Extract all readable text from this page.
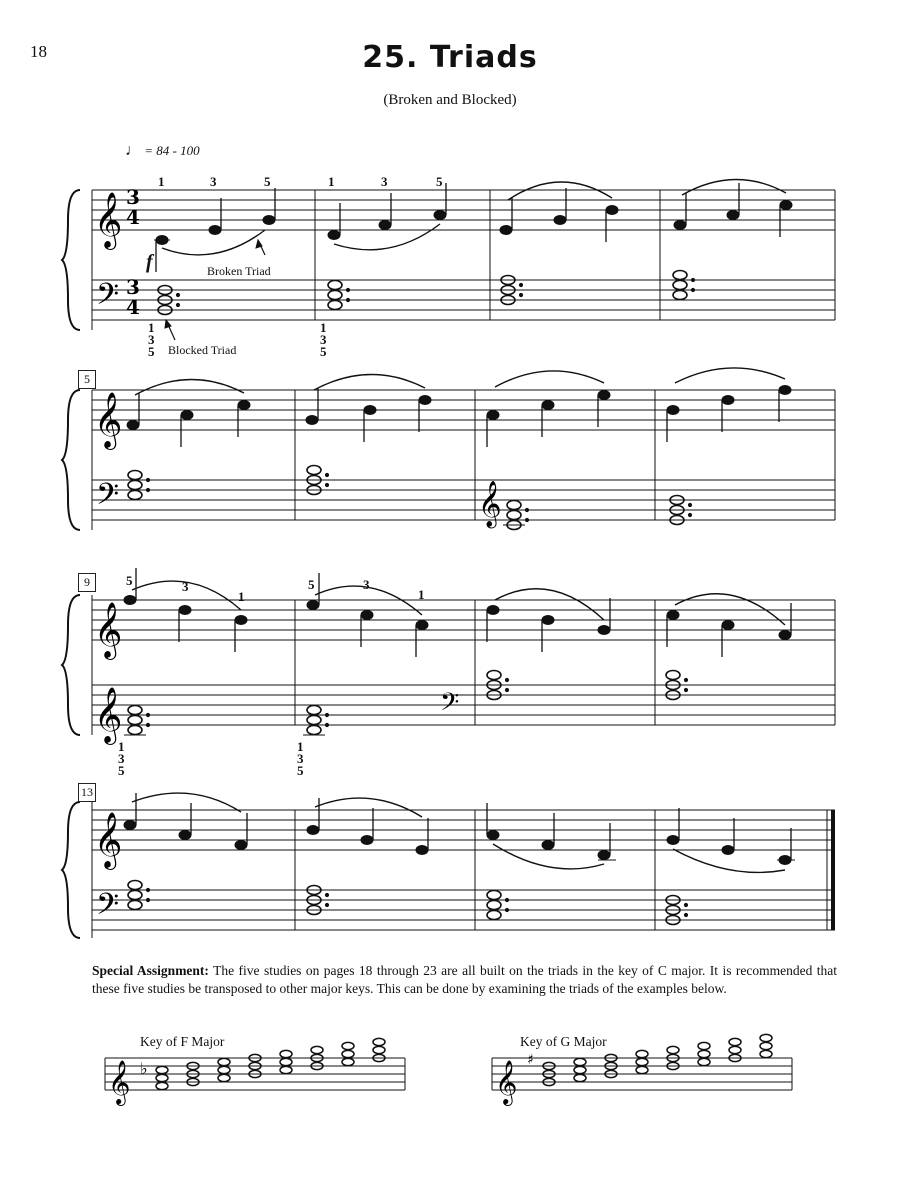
18	25. Triads
(Broken and Blocked)
♩ = 84 - 100
𝄞
𝄢
3
4
3
4
1	3	5	1	3	5
f	Broken Triad
Blocked Triad
1
3
5
1
3
5
5
𝄞
𝄢	𝄞
9
𝄞
𝄞	𝄢
5	3
1
5	3
1
1
3
5
1
3
5
13
𝄞
𝄢
Special Assignment: The five studies on pages 18 through 23 are all built on the triads in the key of C major. It is recommended that these five studies be transposed to other major keys. This can be done by examining the triads of the examples below.
Key of F Major
𝄞 ♭
Key of G Major
𝄞 ♯
